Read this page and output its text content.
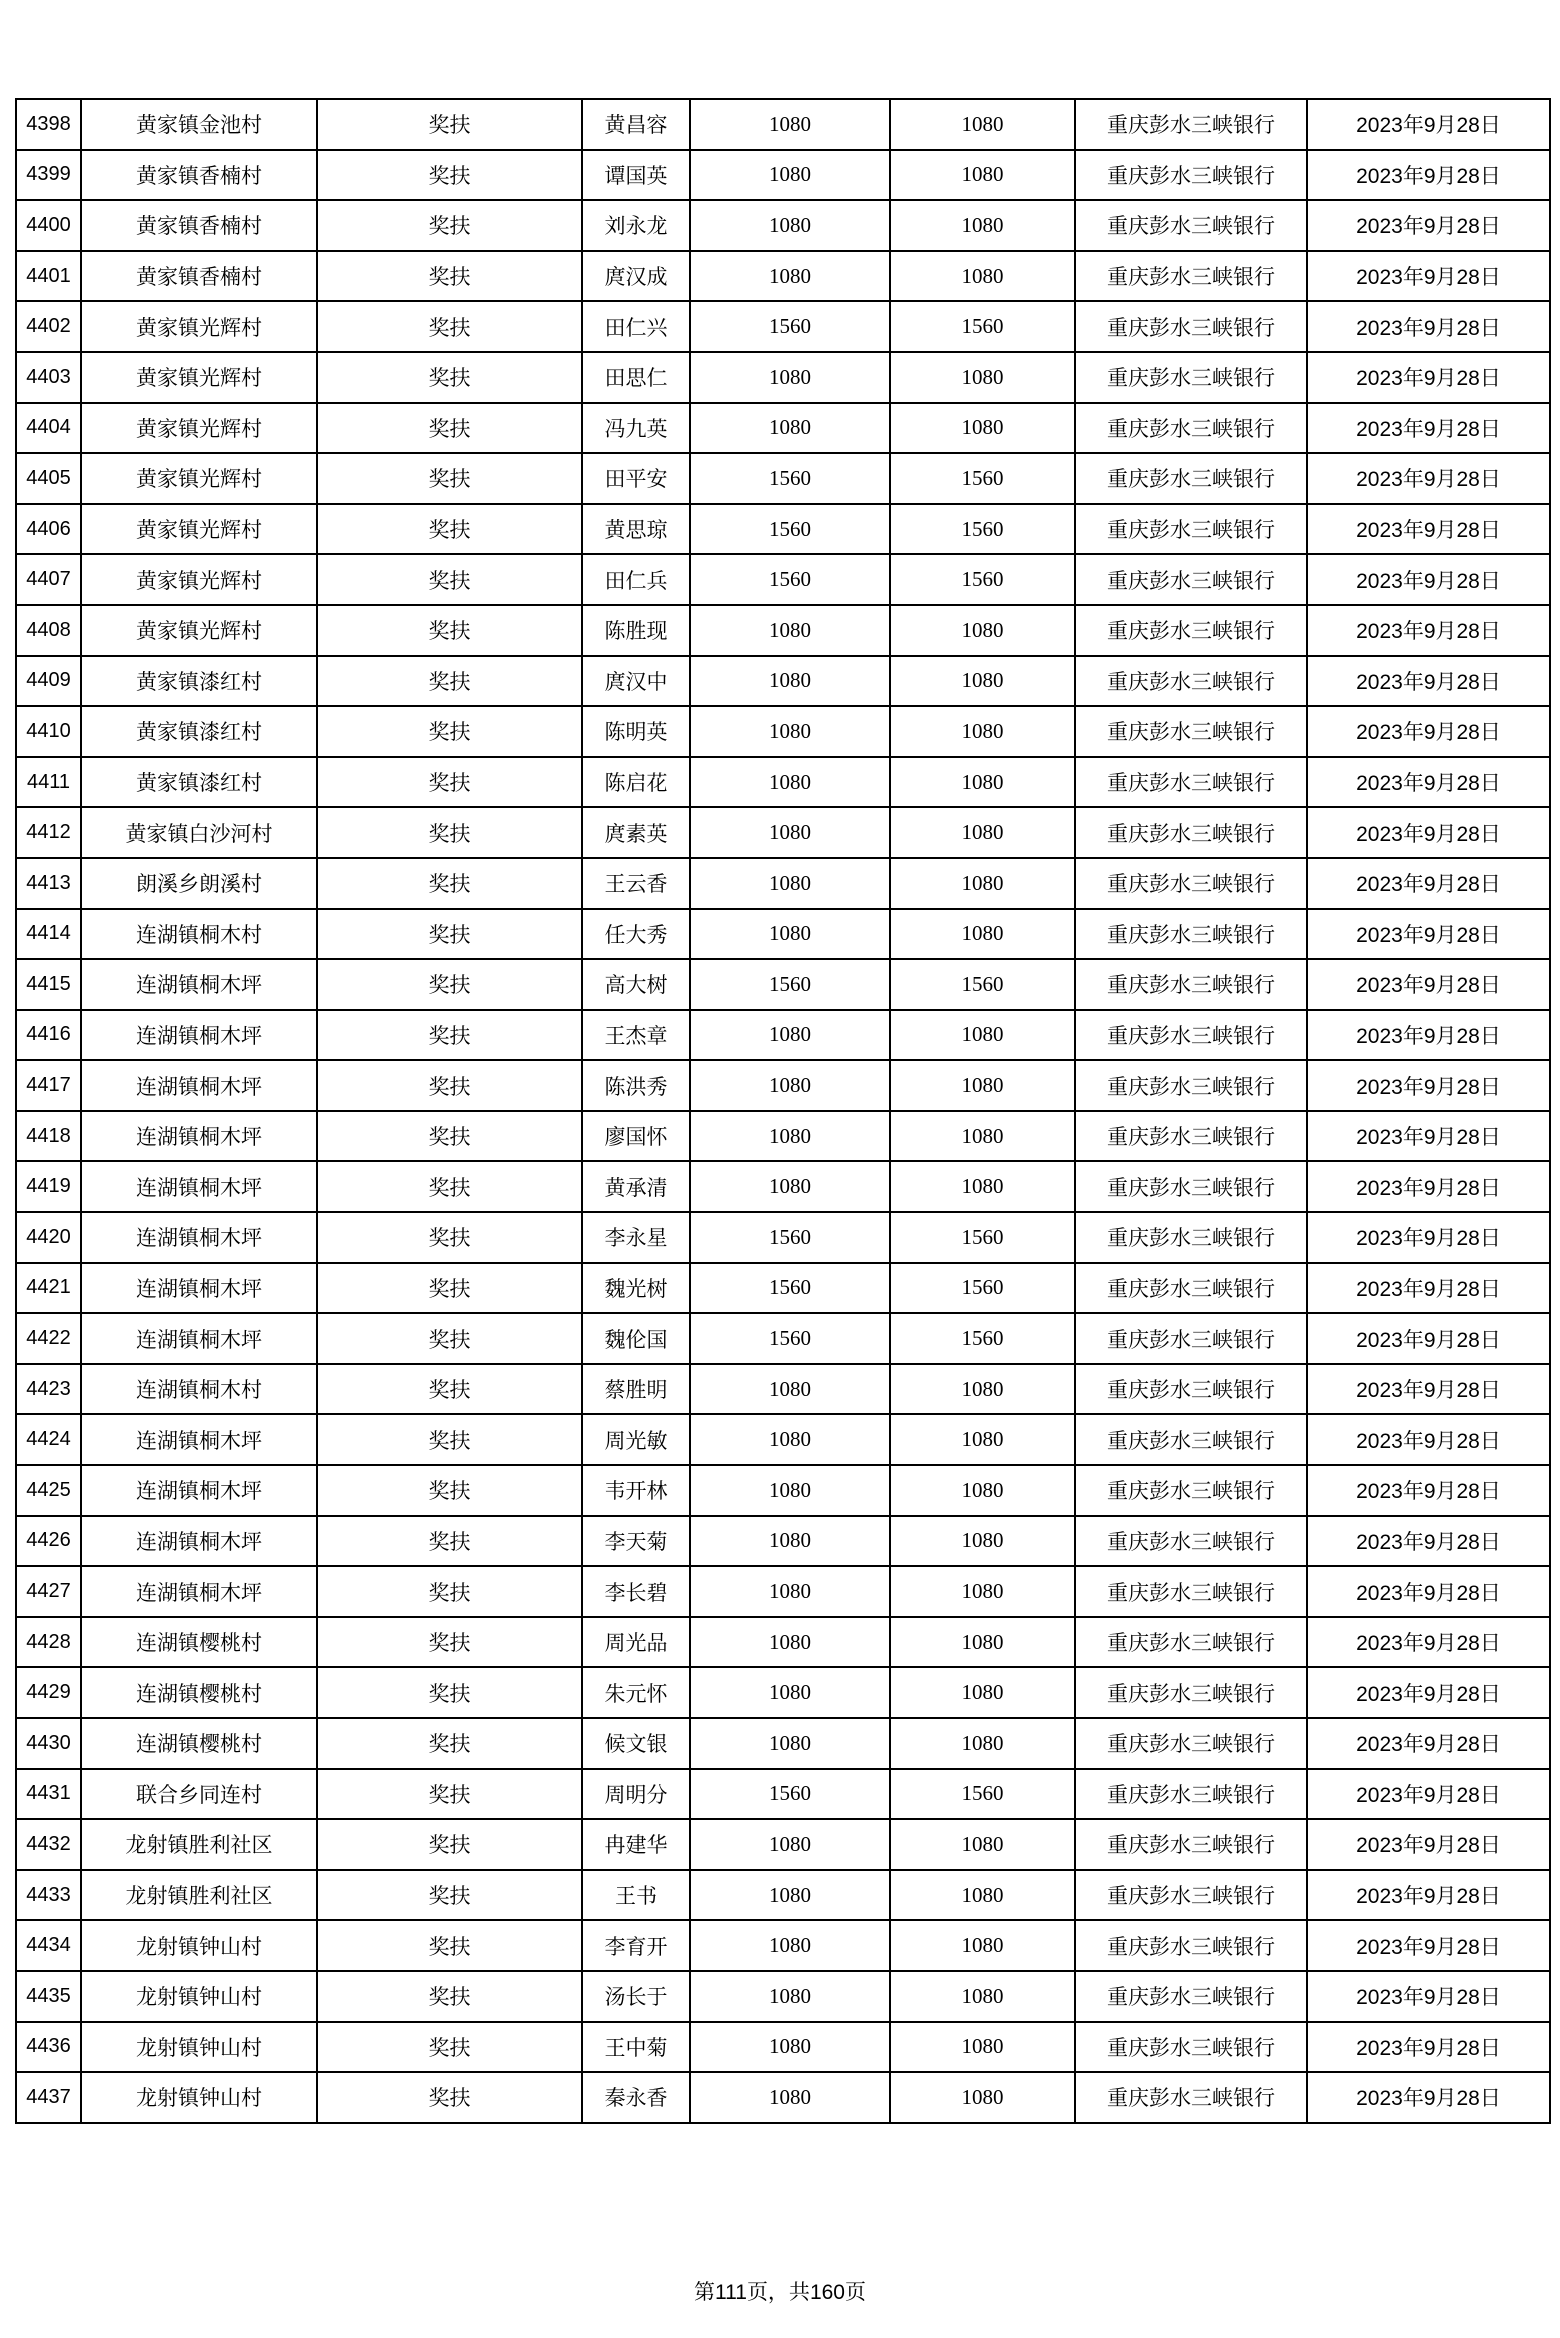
4398	黄家镇金池村	奖扶	黄昌容	1080	1080	重庆彭水三峡银行	2023年9月28日
4399	黄家镇香楠村	奖扶	谭国英	1080	1080	重庆彭水三峡银行	2023年9月28日
4400	黄家镇香楠村	奖扶	刘永龙	1080	1080	重庆彭水三峡银行	2023年9月28日
4401	黄家镇香楠村	奖扶	庹汉成	1080	1080	重庆彭水三峡银行	2023年9月28日
4402	黄家镇光辉村	奖扶	田仁兴	1560	1560	重庆彭水三峡银行	2023年9月28日
4403	黄家镇光辉村	奖扶	田思仁	1080	1080	重庆彭水三峡银行	2023年9月28日
4404	黄家镇光辉村	奖扶	冯九英	1080	1080	重庆彭水三峡银行	2023年9月28日
4405	黄家镇光辉村	奖扶	田平安	1560	1560	重庆彭水三峡银行	2023年9月28日
4406	黄家镇光辉村	奖扶	黄思琼	1560	1560	重庆彭水三峡银行	2023年9月28日
4407	黄家镇光辉村	奖扶	田仁兵	1560	1560	重庆彭水三峡银行	2023年9月28日
4408	黄家镇光辉村	奖扶	陈胜现	1080	1080	重庆彭水三峡银行	2023年9月28日
4409	黄家镇漆红村	奖扶	庹汉中	1080	1080	重庆彭水三峡银行	2023年9月28日
4410	黄家镇漆红村	奖扶	陈明英	1080	1080	重庆彭水三峡银行	2023年9月28日
4411	黄家镇漆红村	奖扶	陈启花	1080	1080	重庆彭水三峡银行	2023年9月28日
4412	黄家镇白沙河村	奖扶	庹素英	1080	1080	重庆彭水三峡银行	2023年9月28日
4413	朗溪乡朗溪村	奖扶	王云香	1080	1080	重庆彭水三峡银行	2023年9月28日
4414	连湖镇桐木村	奖扶	任大秀	1080	1080	重庆彭水三峡银行	2023年9月28日
4415	连湖镇桐木坪	奖扶	高大树	1560	1560	重庆彭水三峡银行	2023年9月28日
4416	连湖镇桐木坪	奖扶	王杰章	1080	1080	重庆彭水三峡银行	2023年9月28日
4417	连湖镇桐木坪	奖扶	陈洪秀	1080	1080	重庆彭水三峡银行	2023年9月28日
4418	连湖镇桐木坪	奖扶	廖国怀	1080	1080	重庆彭水三峡银行	2023年9月28日
4419	连湖镇桐木坪	奖扶	黄承清	1080	1080	重庆彭水三峡银行	2023年9月28日
4420	连湖镇桐木坪	奖扶	李永星	1560	1560	重庆彭水三峡银行	2023年9月28日
4421	连湖镇桐木坪	奖扶	魏光树	1560	1560	重庆彭水三峡银行	2023年9月28日
4422	连湖镇桐木坪	奖扶	魏伦国	1560	1560	重庆彭水三峡银行	2023年9月28日
4423	连湖镇桐木村	奖扶	蔡胜明	1080	1080	重庆彭水三峡银行	2023年9月28日
4424	连湖镇桐木坪	奖扶	周光敏	1080	1080	重庆彭水三峡银行	2023年9月28日
4425	连湖镇桐木坪	奖扶	韦开林	1080	1080	重庆彭水三峡银行	2023年9月28日
4426	连湖镇桐木坪	奖扶	李天菊	1080	1080	重庆彭水三峡银行	2023年9月28日
4427	连湖镇桐木坪	奖扶	李长碧	1080	1080	重庆彭水三峡银行	2023年9月28日
4428	连湖镇樱桃村	奖扶	周光品	1080	1080	重庆彭水三峡银行	2023年9月28日
4429	连湖镇樱桃村	奖扶	朱元怀	1080	1080	重庆彭水三峡银行	2023年9月28日
4430	连湖镇樱桃村	奖扶	候文银	1080	1080	重庆彭水三峡银行	2023年9月28日
4431	联合乡同连村	奖扶	周明分	1560	1560	重庆彭水三峡银行	2023年9月28日
4432	龙射镇胜利社区	奖扶	冉建华	1080	1080	重庆彭水三峡银行	2023年9月28日
4433	龙射镇胜利社区	奖扶	王书	1080	1080	重庆彭水三峡银行	2023年9月28日
4434	龙射镇钟山村	奖扶	李育开	1080	1080	重庆彭水三峡银行	2023年9月28日
4435	龙射镇钟山村	奖扶	汤长于	1080	1080	重庆彭水三峡银行	2023年9月28日
4436	龙射镇钟山村	奖扶	王中菊	1080	1080	重庆彭水三峡银行	2023年9月28日
4437	龙射镇钟山村	奖扶	秦永香	1080	1080	重庆彭水三峡银行	2023年9月28日
第111页，共160页
